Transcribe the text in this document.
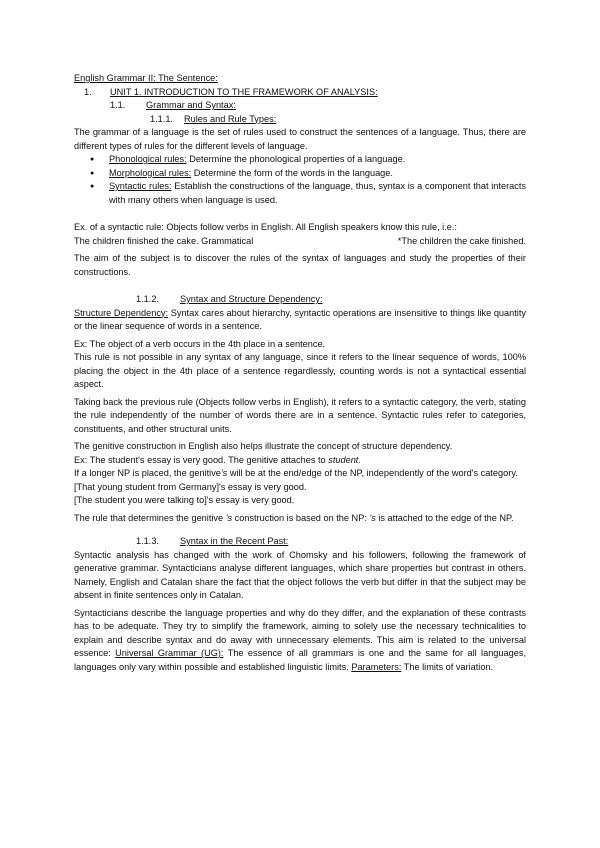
English Grammar II: The Sentence:

1.	UNIT 1. INTRODUCTION TO THE FRAMEWORK OF ANALYSIS:
1.1.	Grammar and Syntax:
1.1.1.	Rules and Rule Types:

The grammar of a language is the set of rules used to construct the sentences of a language. Thus, there are different types of rules for the different levels of language.

● Phonological rules: Determine the phonological properties of a language.
● Morphological rules: Determine the form of the words in the language.
● Syntactic rules: Establish the constructions of the language, thus, syntax is a component that interacts with many others when language is used.

Ex. of a syntactic rule: Objects follow verbs in English. All English speakers know this rule, i.e.:

The children finished the cake. Grammatical	*The children the cake finished.

The aim of the subject is to discover the rules of the syntax of languages and study the properties of their constructions.

1.1.2.	Syntax and Structure Dependency:

Structure Dependency: Syntax cares about hierarchy, syntactic operations are insensitive to things like quantity or the linear sequence of words in a sentence.

Ex: The object of a verb occurs in the 4th place in a sentence.

This rule is not possible in any syntax of any language, since it refers to the linear sequence of words, 100% placing the object in the 4th place of a sentence regardlessly, counting words is not a syntactical essential aspect.

Taking back the previous rule (Objects follow verbs in English), it refers to a syntactic category, the verb, stating the rule independently of the number of words there are in a sentence. Syntactic rules refer to categories, constituents, and other structural units.

The genitive construction in English also helps illustrate the concept of structure dependency.

Ex: The student's essay is very good. The genitive attaches to student.

If a longer NP is placed, the genitive's will be at the end/edge of the NP, independently of the word's category.

[That young student from Germany]'s essay is very good.

[The student you were talking to]'s essay is very good.

The rule that determines the genitive 's construction is based on the NP: 's is attached to the edge of the NP.

1.1.3.	Syntax in the Recent Past:

Syntactic analysis has changed with the work of Chomsky and his followers, following the framework of generative grammar. Syntacticians analyse different languages, which share properties but contrast in others. Namely, English and Catalan share the fact that the object follows the verb but differ in that the subject may be absent in finite sentences only in Catalan.

Syntacticians describe the language properties and why do they differ, and the explanation of these contrasts has to be adequate. They try to simplify the framework, aiming to solely use the necessary technicalities to explain and describe syntax and do away with unnecessary elements. This aim is related to the universal essence: Universal Grammar (UG): The essence of all grammars is one and the same for all languages, languages only vary within possible and established linguistic limits. Parameters: The limits of variation.
